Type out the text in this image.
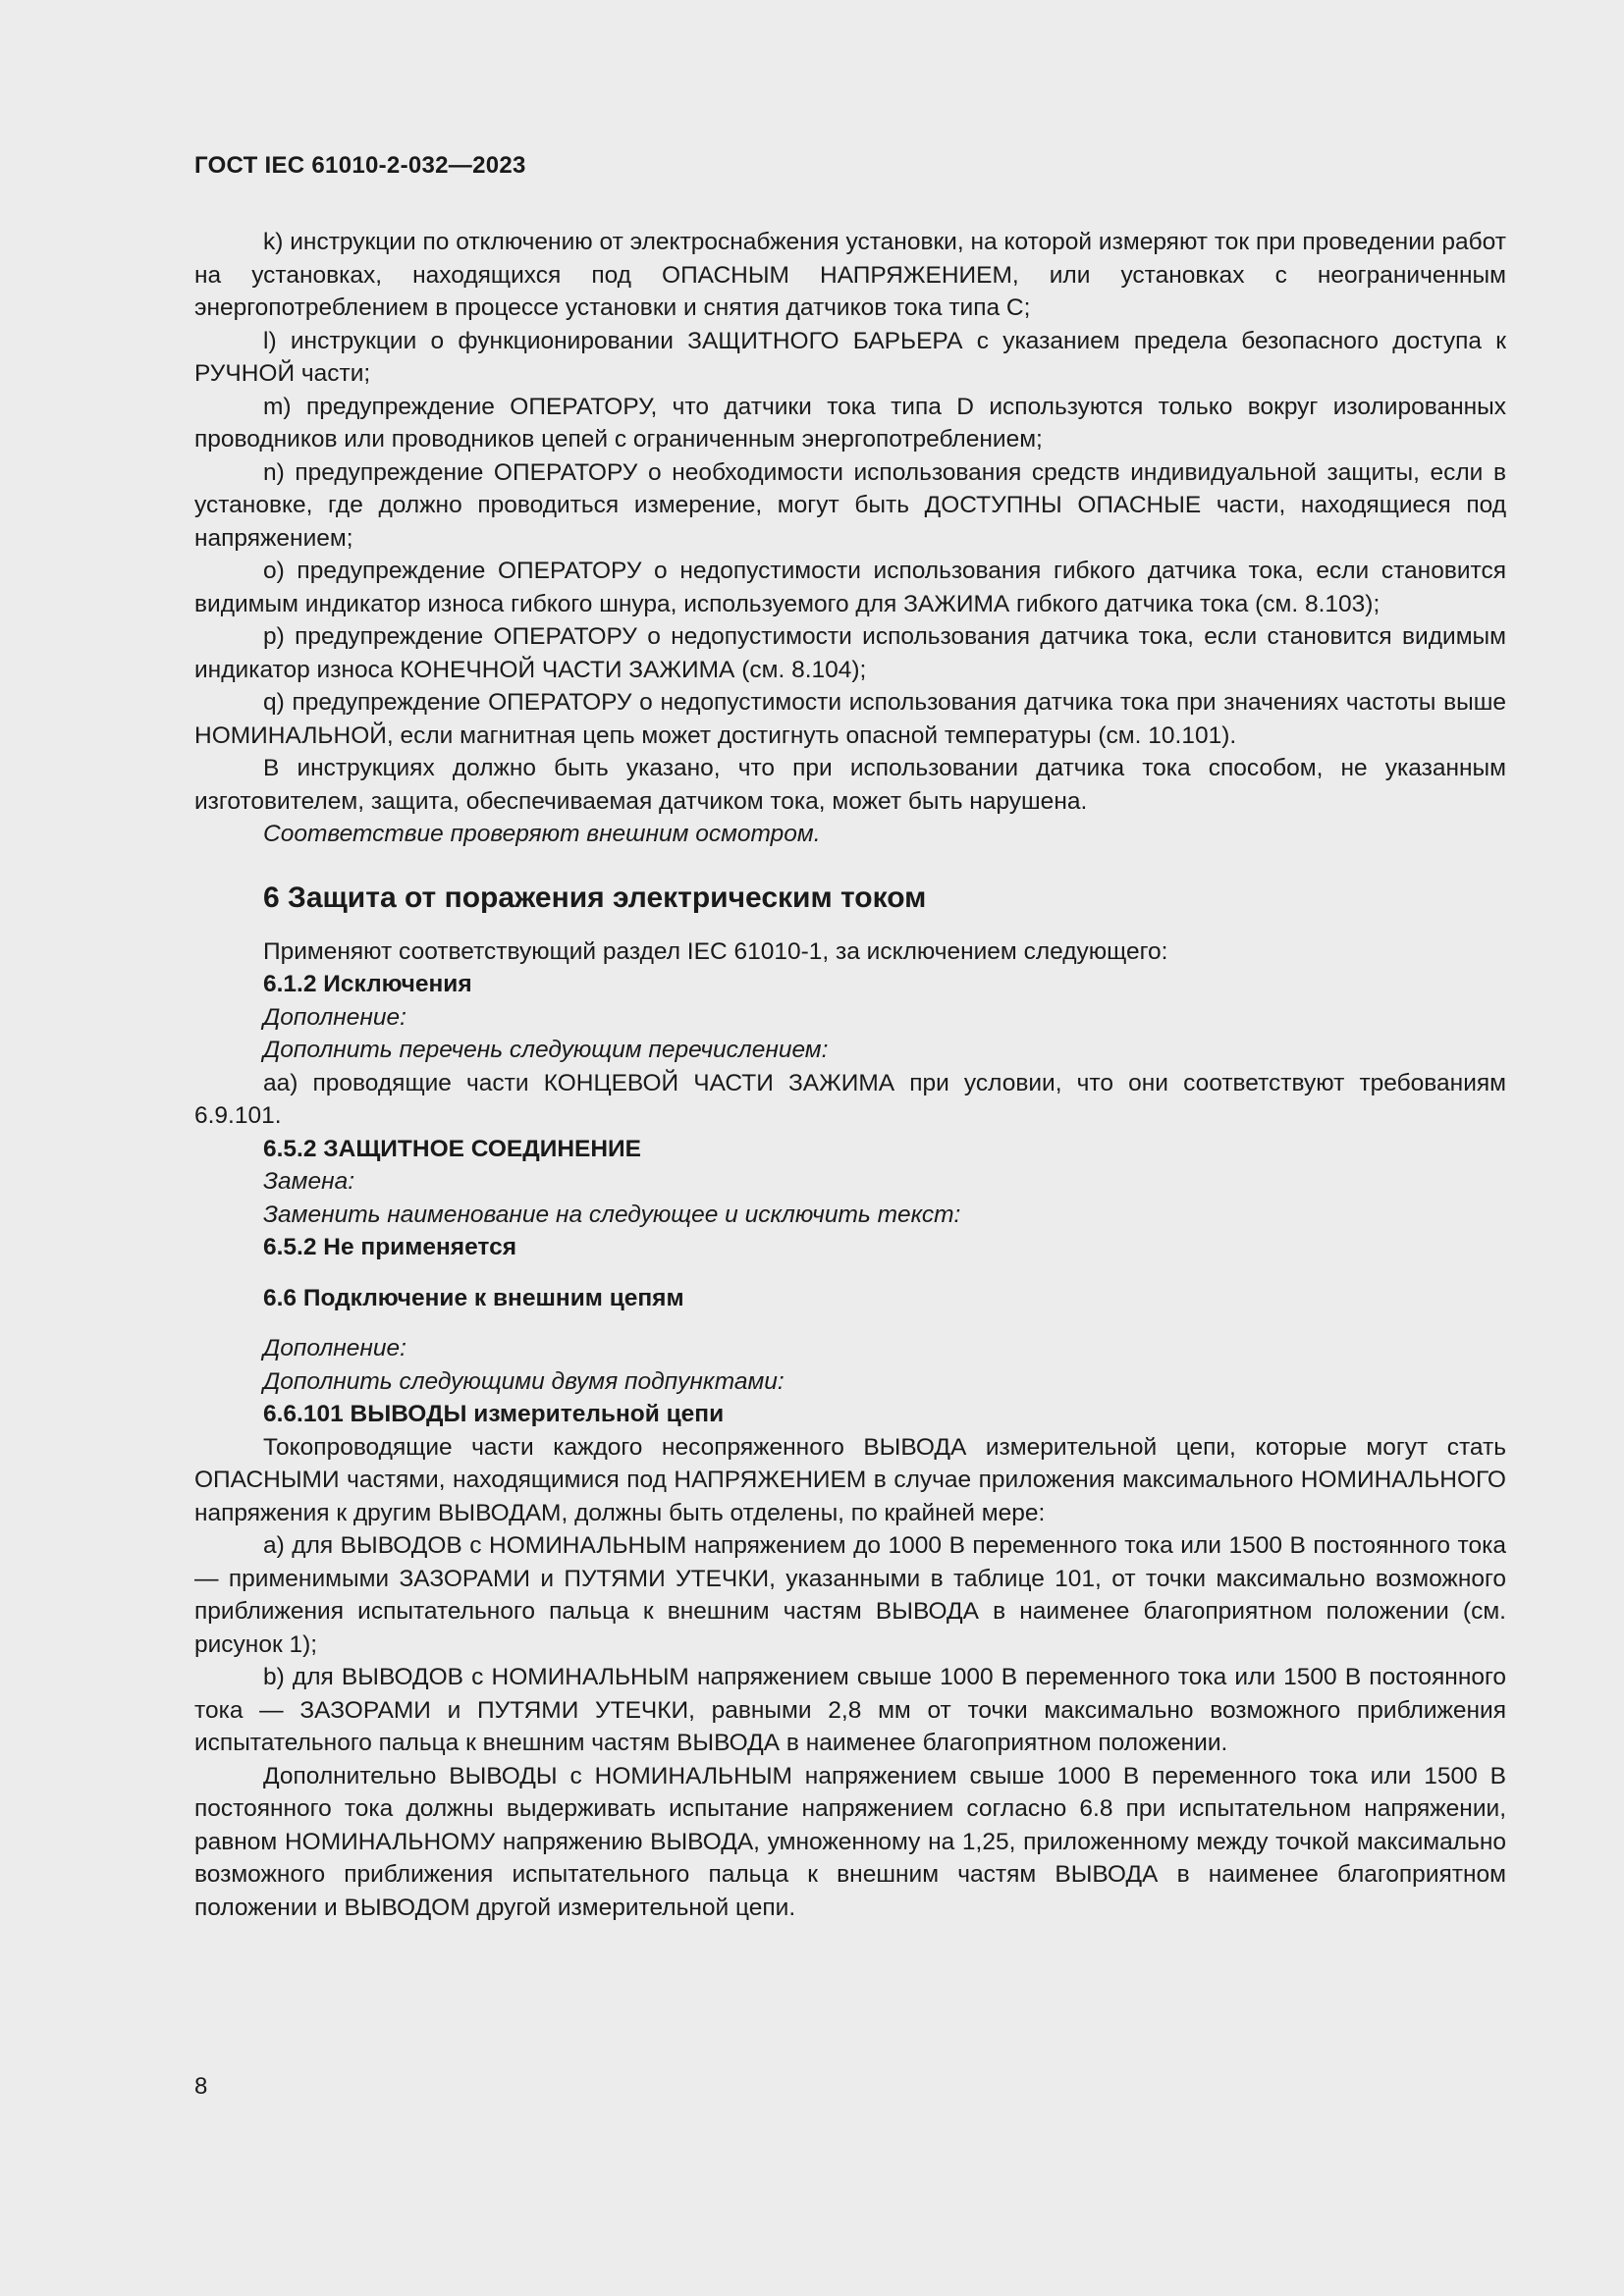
ГОСТ IEC 61010-2-032—2023

k) инструкции по отключению от электроснабжения установки, на которой измеряют ток при проведении работ на установках, находящихся под ОПАСНЫМ НАПРЯЖЕНИЕМ, или установках с неограниченным энергопотреблением в процессе установки и снятия датчиков тока типа C;

l) инструкции о функционировании ЗАЩИТНОГО БАРЬЕРА с указанием предела безопасного доступа к РУЧНОЙ части;

m) предупреждение ОПЕРАТОРУ, что датчики тока типа D используются только вокруг изолированных проводников или проводников цепей с ограниченным энергопотреблением;

n) предупреждение ОПЕРАТОРУ о необходимости использования средств индивидуальной защиты, если в установке, где должно проводиться измерение, могут быть ДОСТУПНЫ ОПАСНЫЕ части, находящиеся под напряжением;

o) предупреждение ОПЕРАТОРУ о недопустимости использования гибкого датчика тока, если становится видимым индикатор износа гибкого шнура, используемого для ЗАЖИМА гибкого датчика тока (см. 8.103);

p) предупреждение ОПЕРАТОРУ о недопустимости использования датчика тока, если становится видимым индикатор износа КОНЕЧНОЙ ЧАСТИ ЗАЖИМА (см. 8.104);

q) предупреждение ОПЕРАТОРУ о недопустимости использования датчика тока при значениях частоты выше НОМИНАЛЬНОЙ, если магнитная цепь может достигнуть опасной температуры (см. 10.101).

В инструкциях должно быть указано, что при использовании датчика тока способом, не указанным изготовителем, защита, обеспечиваемая датчиком тока, может быть нарушена.

Соответствие проверяют внешним осмотром.

6 Защита от поражения электрическим током

Применяют соответствующий раздел IEC 61010-1, за исключением следующего:

6.1.2 Исключения

Дополнение:

Дополнить перечень следующим перечислением:

aa) проводящие части КОНЦЕВОЙ ЧАСТИ ЗАЖИМА при условии, что они соответствуют требованиям 6.9.101.

6.5.2 ЗАЩИТНОЕ СОЕДИНЕНИЕ

Замена:

Заменить наименование на следующее и исключить текст:

6.5.2 Не применяется

6.6 Подключение к внешним цепям

Дополнение:

Дополнить следующими двумя подпунктами:

6.6.101 ВЫВОДЫ измерительной цепи

Токопроводящие части каждого несопряженного ВЫВОДА измерительной цепи, которые могут стать ОПАСНЫМИ частями, находящимися под НАПРЯЖЕНИЕМ в случае приложения максимального НОМИНАЛЬНОГО напряжения к другим ВЫВОДАМ, должны быть отделены, по крайней мере:

a) для ВЫВОДОВ с НОМИНАЛЬНЫМ напряжением до 1000 В переменного тока или 1500 В постоянного тока — применимыми ЗАЗОРАМИ и ПУТЯМИ УТЕЧКИ, указанными в таблице 101, от точки максимально возможного приближения испытательного пальца к внешним частям ВЫВОДА в наименее благоприятном положении (см. рисунок 1);

b) для ВЫВОДОВ с НОМИНАЛЬНЫМ напряжением свыше 1000 В переменного тока или 1500 В постоянного тока — ЗАЗОРАМИ и ПУТЯМИ УТЕЧКИ, равными 2,8 мм от точки максимально возможного приближения испытательного пальца к внешним частям ВЫВОДА в наименее благоприятном положении.

Дополнительно ВЫВОДЫ с НОМИНАЛЬНЫМ напряжением свыше 1000 В переменного тока или 1500 В постоянного тока должны выдерживать испытание напряжением согласно 6.8 при испытательном напряжении, равном НОМИНАЛЬНОМУ напряжению ВЫВОДА, умноженному на 1,25, приложенному между точкой максимально возможного приближения испытательного пальца к внешним частям ВЫВОДА в наименее благоприятном положении и ВЫВОДОМ другой измерительной цепи.

8
